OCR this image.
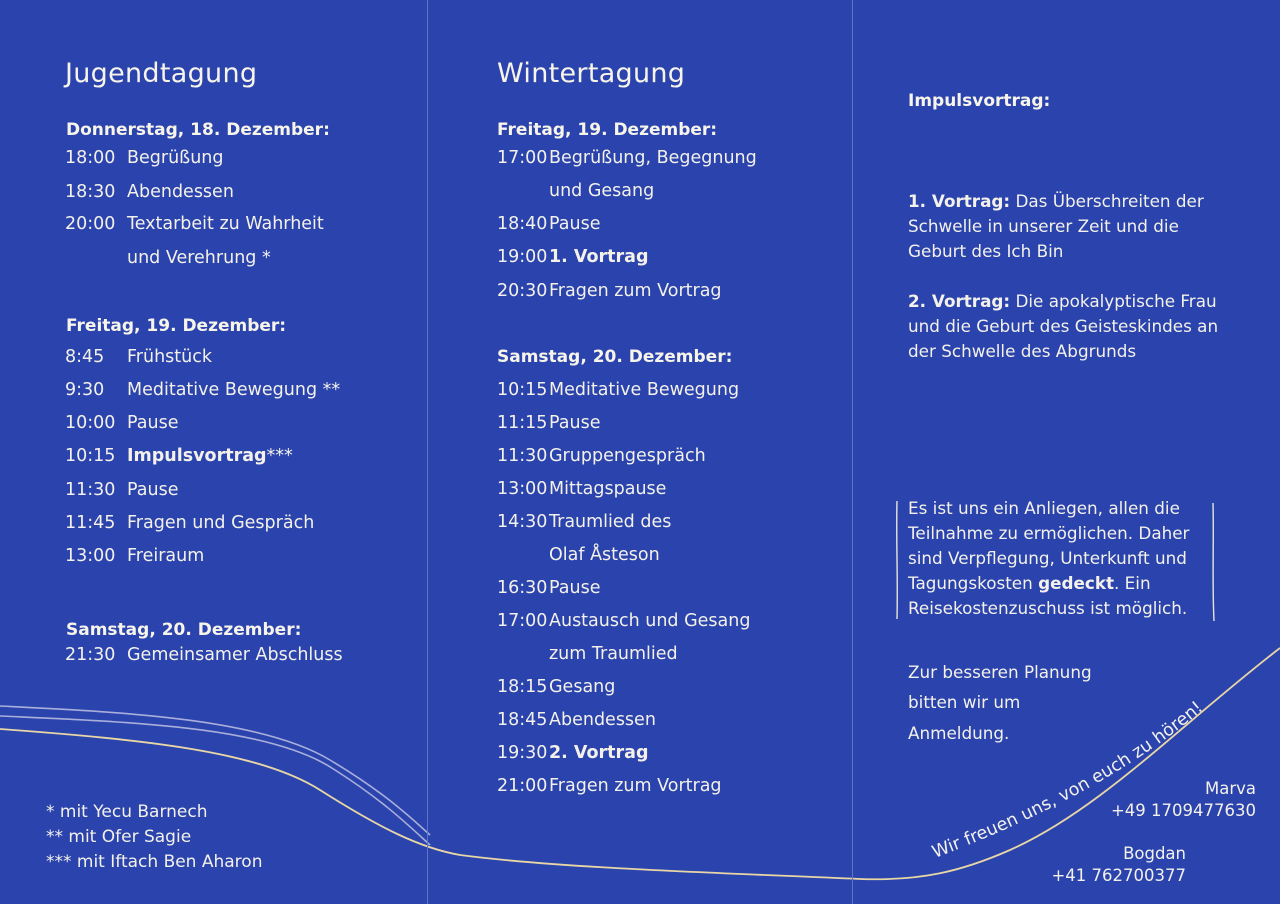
Wir freuen uns, von euch zu hören!
Jugendtagung
Donnerstag, 18. Dezember:
18:00 Begrüßung
18:30 Abendessen
20:00 Textarbeit zu Wahrheit
und Verehrung *
Freitag, 19. Dezember:
8:45 Frühstück
9:30 Meditative Bewegung **
10:00 Pause
10:15 Impulsvortrag***
11:30 Pause
11:45 Fragen und Gespräch
13:00 Freiraum
Samstag, 20. Dezember:
21:30 Gemeinsamer Abschluss
* mit Yecu Barnech
** mit Ofer Sagie
*** mit Iftach Ben Aharon
Wintertagung
Freitag, 19. Dezember:
17:00 Begrüßung, Begegnung
und Gesang
18:40 Pause
19:00 1. Vortrag
20:30 Fragen zum Vortrag
Samstag, 20. Dezember:
10:15 Meditative Bewegung
11:15 Pause
11:30 Gruppengespräch
13:00 Mittagspause
14:30 Traumlied des
Olaf Åsteson
16:30 Pause
17:00 Austausch und Gesang
zum Traumlied
18:15 Gesang
18:45 Abendessen
19:30 2. Vortrag
21:00 Fragen zum Vortrag
Impulsvortrag:

1. Vortrag: Das Überschreiten der Schwelle in unserer Zeit und die Geburt des Ich Bin

2. Vortrag: Die apokalyptische Frau und die Geburt des Geisteskindes an der Schwelle des Abgrunds

Es ist uns ein Anliegen, allen die Teilnahme zu ermöglichen. Daher sind Verpflegung, Unterkunft und Tagungskosten gedeckt. Ein Reisekostenzuschuss ist möglich.

Zur besseren Planung
bitten wir um
Anmeldung.
Marva
+49 1709477630
Bogdan
+41 762700377
